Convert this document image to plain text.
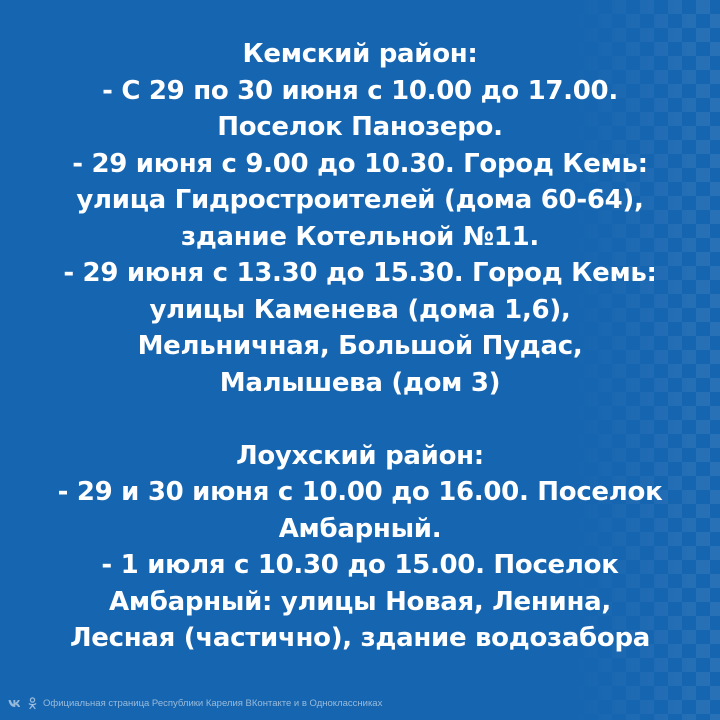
Кемский район:
- С 29 по 30 июня с 10.00 до 17.00.
Поселок Панозеро.
- 29 июня с 9.00 до 10.30. Город Кемь:
улица Гидростроителей (дома 60-64),
здание Котельной №11.
- 29 июня с 13.30 до 15.30. Город Кемь:
улицы Каменева (дома 1,6),
Мельничная, Большой Пудас,
Малышева (дом 3)
Лоухский район:
- 29 и 30 июня с 10.00 до 16.00. Поселок
Амбарный.
- 1 июля с 10.30 до 15.00. Поселок
Амбарный: улицы Новая, Ленина,
Лесная (частично), здание водозабора
Официальная страница Республики Карелия ВКонтакте и в Одноклассниках
